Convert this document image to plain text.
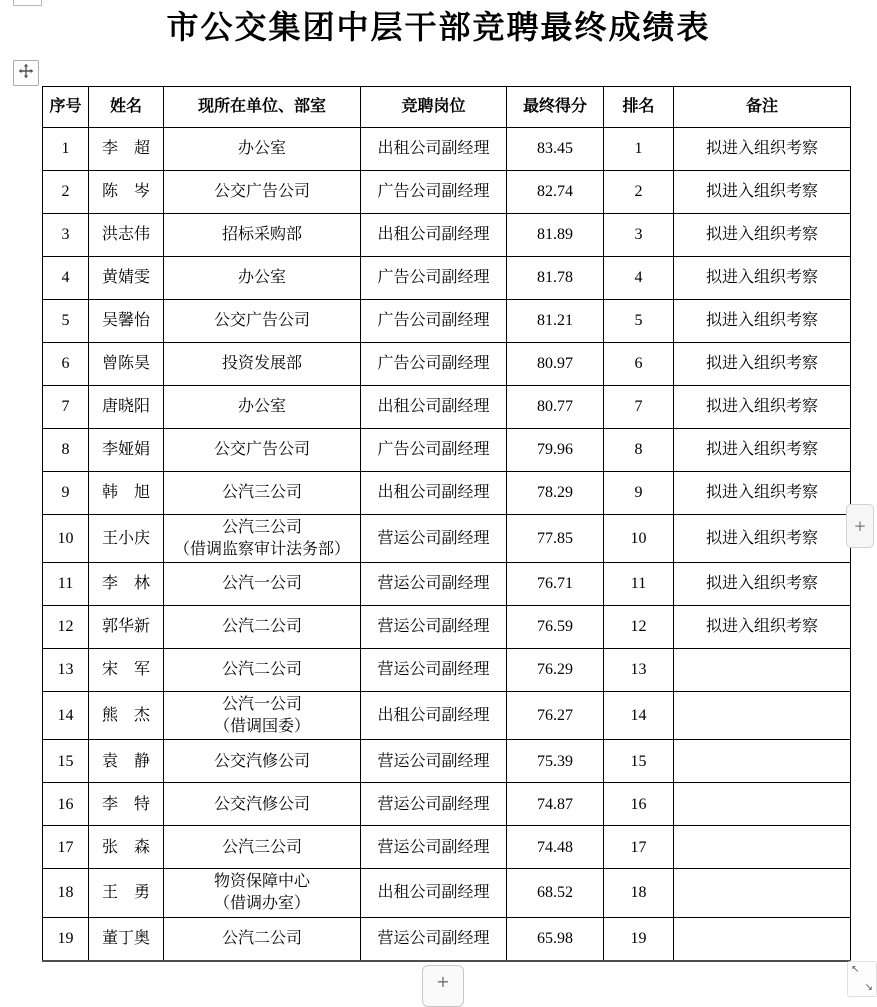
市公交集团中层干部竞聘最终成绩表
序号	姓名	现所在单位、部室	竞聘岗位	最终得分	排名	备注
1	李　超	办公室	出租公司副经理	83.45	1	拟进入组织考察
2	陈　岑	公交广告公司	广告公司副经理	82.74	2	拟进入组织考察
3	洪志伟	招标采购部	出租公司副经理	81.89	3	拟进入组织考察
4	黄婧雯	办公室	广告公司副经理	81.78	4	拟进入组织考察
5	吴馨怡	公交广告公司	广告公司副经理	81.21	5	拟进入组织考察
6	曾陈昊	投资发展部	广告公司副经理	80.97	6	拟进入组织考察
7	唐晓阳	办公室	出租公司副经理	80.77	7	拟进入组织考察
8	李娅娟	公交广告公司	广告公司副经理	79.96	8	拟进入组织考察
9	韩　旭	公汽三公司	出租公司副经理	78.29	9	拟进入组织考察
10	王小庆	公汽三公司
（借调监察审计法务部）	营运公司副经理	77.85	10	拟进入组织考察
11	李　林	公汽一公司	营运公司副经理	76.71	11	拟进入组织考察
12	郭华新	公汽二公司	营运公司副经理	76.59	12	拟进入组织考察
13	宋　军	公汽二公司	营运公司副经理	76.29	13	
14	熊　杰	公汽一公司
（借调国委）	出租公司副经理	76.27	14	
15	袁　静	公交汽修公司	营运公司副经理	75.39	15	
16	李　特	公交汽修公司	营运公司副经理	74.87	16	
17	张　森	公汽三公司	营运公司副经理	74.48	17	
18	王　勇	物资保障中心
（借调办室）	出租公司副经理	68.52	18	
19	董丁奥	公汽二公司	营运公司副经理	65.98	19	
+
+
↖
↘
